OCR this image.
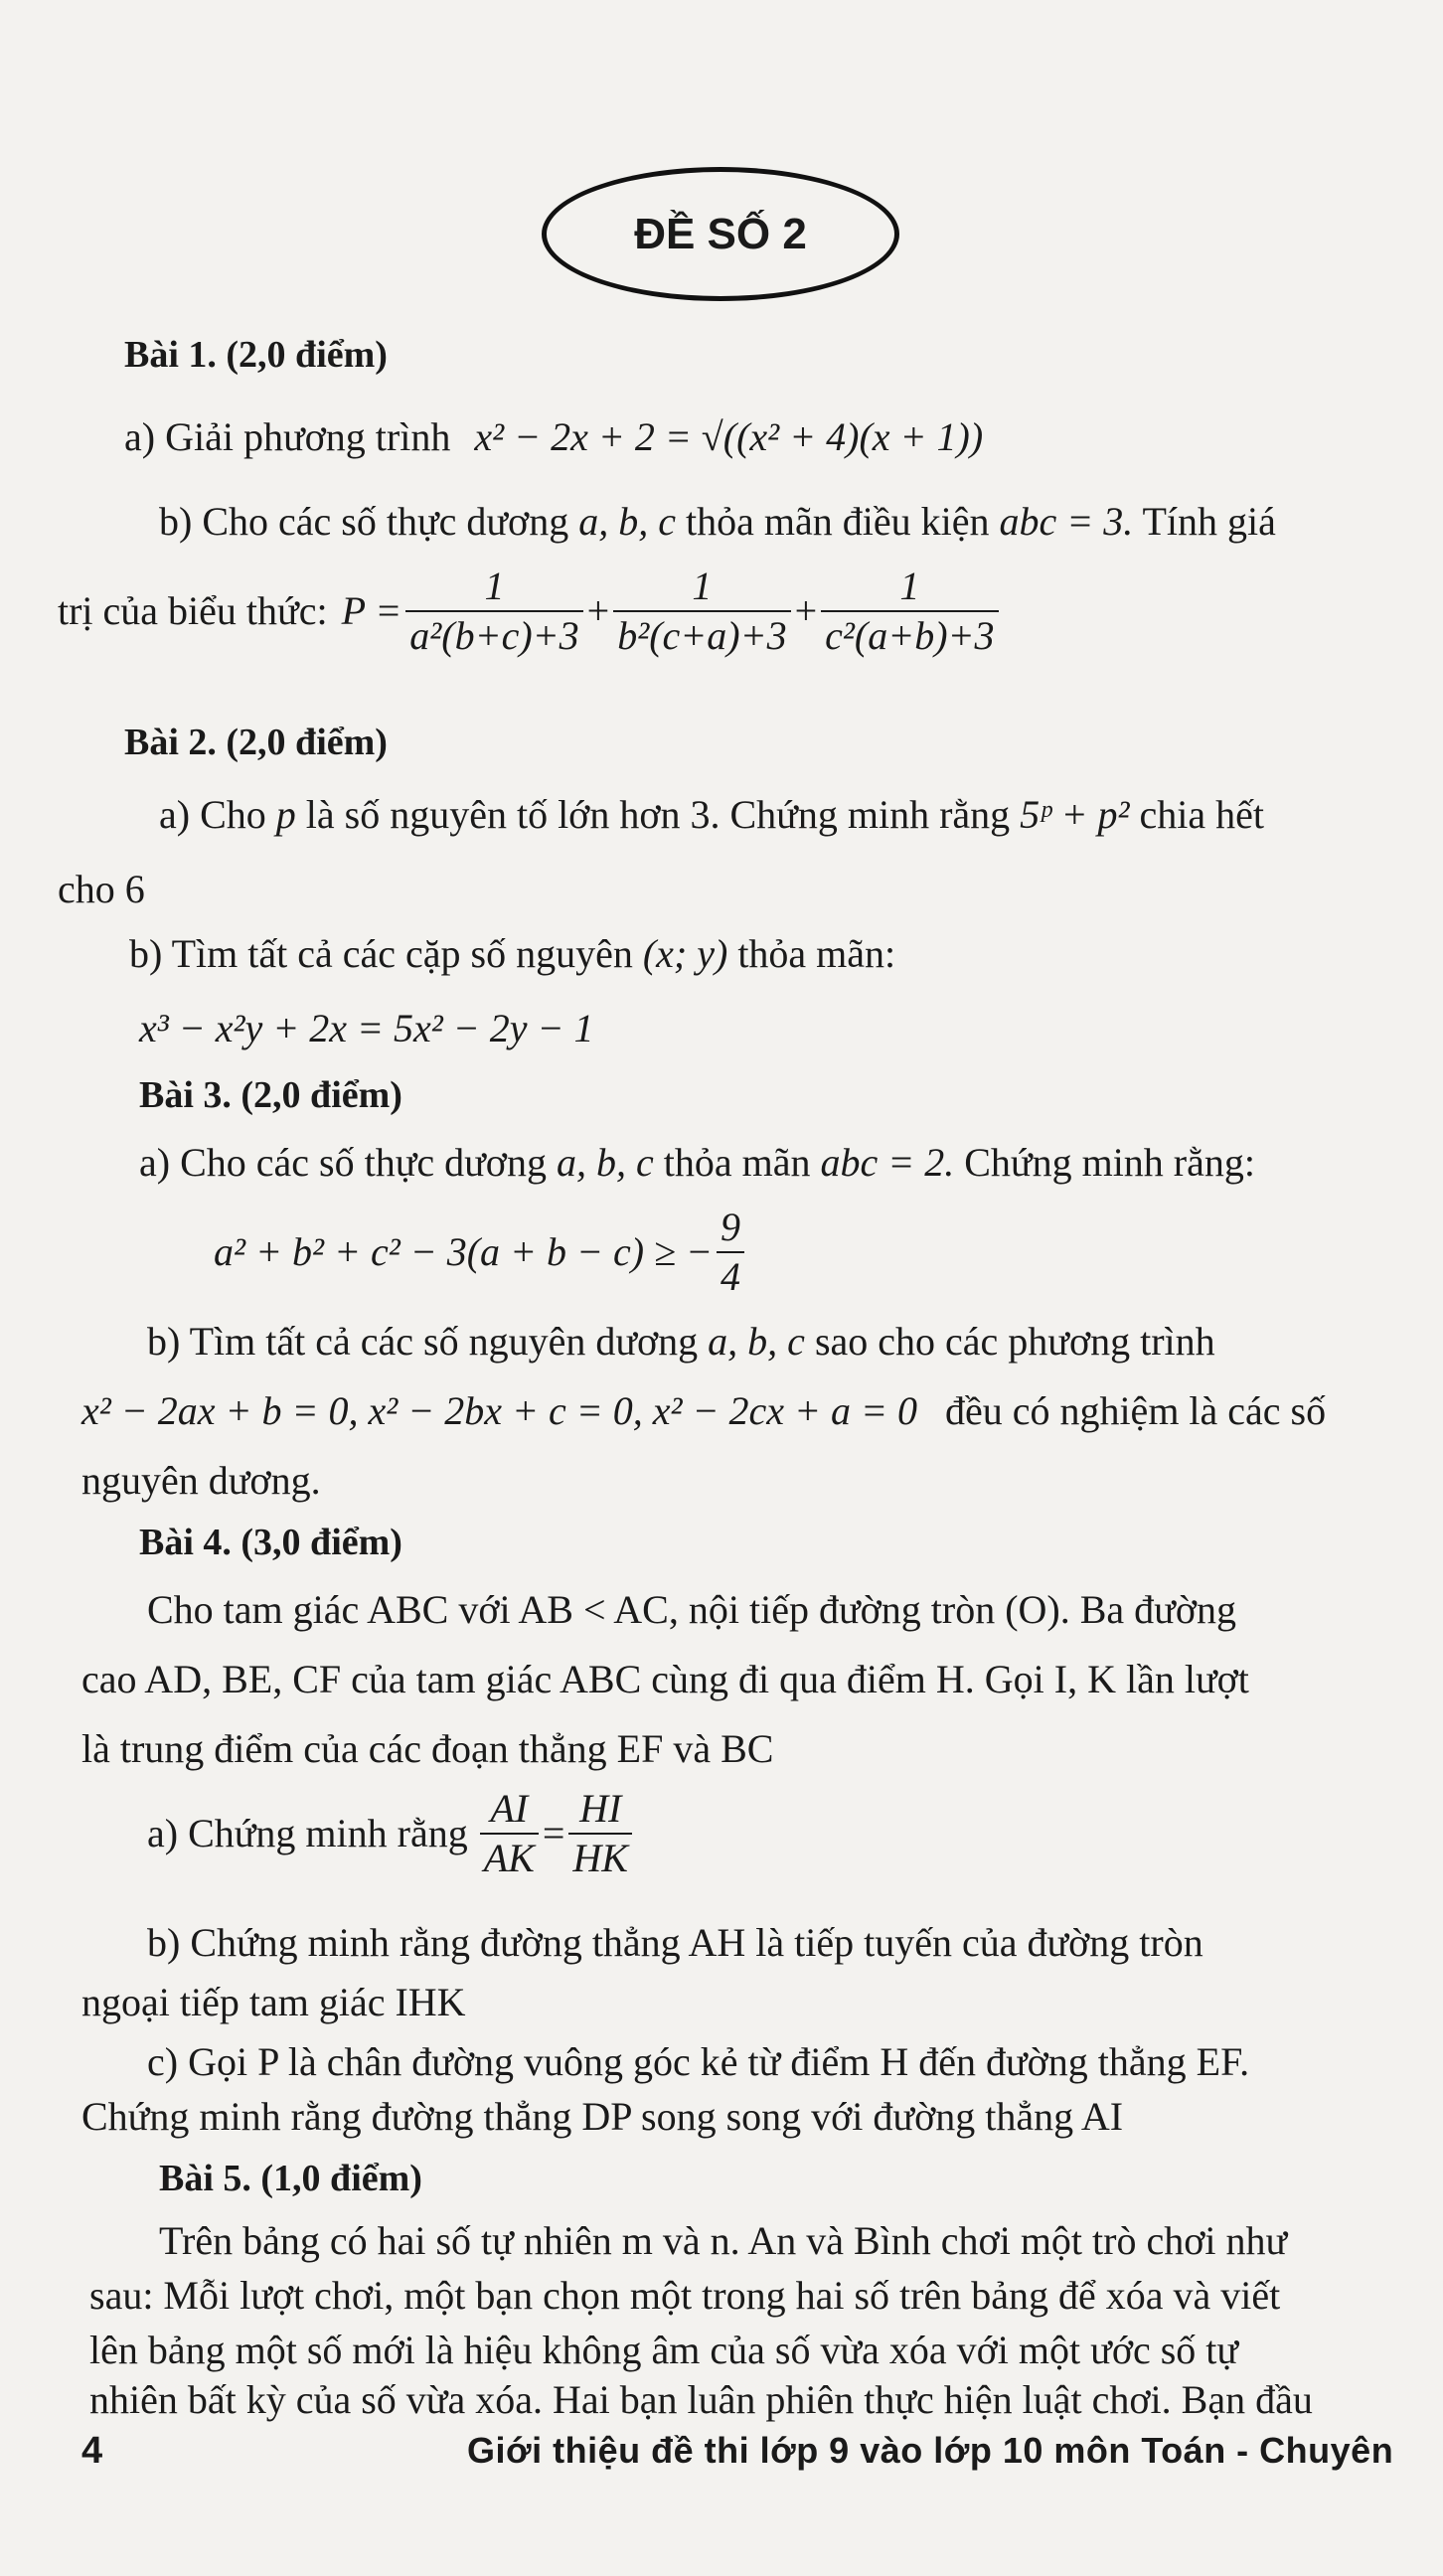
ĐỀ SỐ 2
Bài 1. (2,0 điểm)
a) Giải phương trình x² − 2x + 2 = √((x² + 4)(x + 1))
b) Cho các số thực dương a, b, c thỏa mãn điều kiện abc = 3. Tính giá
trị của biểu thức: $P = \frac{1}{\text{a²(b+c)+3}} + \frac{1}{\text{b²(c+a)+3}} + \frac{1}{\text{c²(a+b)+3}}$
Bài 2. (2,0 điểm)
a) Cho p là số nguyên tố lớn hơn 3. Chứng minh rằng 5ᵖ + p² chia hết
cho 6
b) Tìm tất cả các cặp số nguyên (x; y) thỏa mãn:
x³ − x²y + 2x = 5x² − 2y − 1
Bài 3. (2,0 điểm)
a) Cho các số thực dương a, b, c thỏa mãn abc = 2. Chứng minh rằng:
a² + b² + c² − 3(a + b − c) ≥ − $\frac{9}{4}$
b) Tìm tất cả các số nguyên dương a, b, c sao cho các phương trình
x² − 2ax + b = 0, x² − 2bx + c = 0, x² − 2cx + a = 0 đều có nghiệm là các số
nguyên dương.
Bài 4. (3,0 điểm)
Cho tam giác ABC với AB < AC, nội tiếp đường tròn (O). Ba đường
cao AD, BE, CF của tam giác ABC cùng đi qua điểm H. Gọi I, K lần lượt
là trung điểm của các đoạn thẳng EF và BC
a) Chứng minh rằng $\frac{AI}{AK} = \frac{HI}{HK}$
b) Chứng minh rằng đường thẳng AH là tiếp tuyến của đường tròn
ngoại tiếp tam giác IHK
c) Gọi P là chân đường vuông góc kẻ từ điểm H đến đường thẳng EF.
Chứng minh rằng đường thẳng DP song song với đường thẳng AI
Bài 5. (1,0 điểm)
Trên bảng có hai số tự nhiên m và n. An và Bình chơi một trò chơi như
sau: Mỗi lượt chơi, một bạn chọn một trong hai số trên bảng để xóa và viết
lên bảng một số mới là hiệu không âm của số vừa xóa với một ước số tự
nhiên bất kỳ của số vừa xóa. Hai bạn luân phiên thực hiện luật chơi. Bạn đầu
4	Giới thiệu đề thi lớp 9 vào lớp 10 môn Toán - Chuyên
